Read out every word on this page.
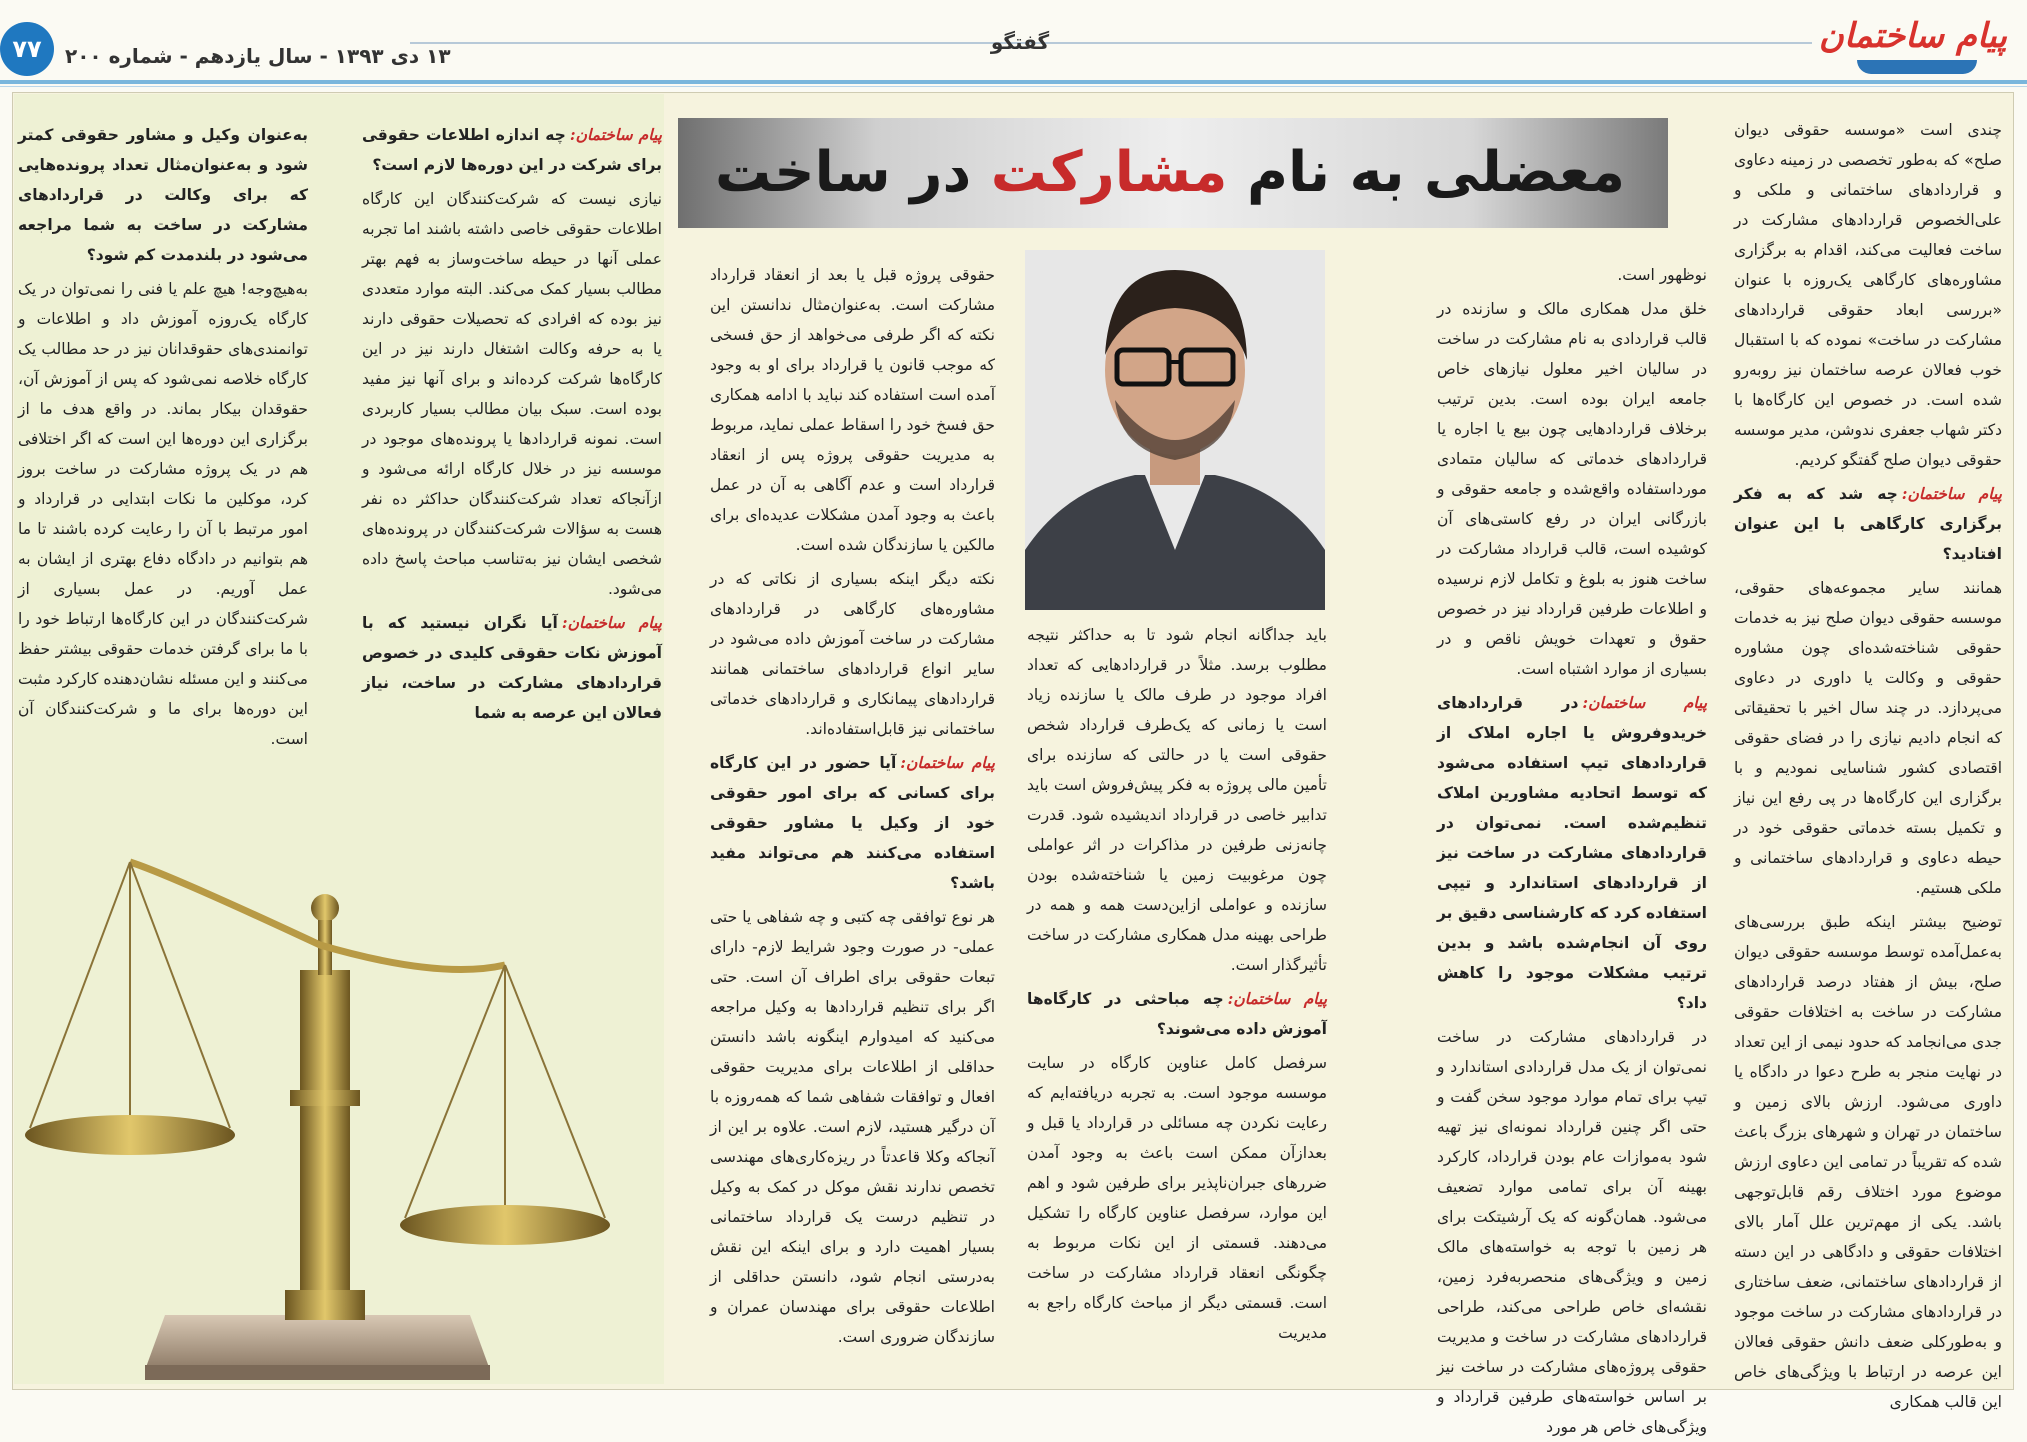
پیام ساختمان
گفتگو
۱۳ دی ۱۳۹۳ - سال یازدهم - شماره ۲۰۰
۷۷
معضلی به نام مشارکت در ساخت

چندی است «موسسه حقوقی دیوان صلح» که به‌طور تخصصی در زمینه دعاوی و قراردادهای ساختمانی و ملکی و علی‌الخصوص قراردادهای مشارکت در ساخت فعالیت می‌کند، اقدام به برگزاری مشاوره‌های کارگاهی یک‌روزه با عنوان «بررسی ابعاد حقوقی قراردادهای مشارکت در ساخت» نموده که با استقبال خوب فعالان عرصه ساختمان نیز روبه‌رو شده است. در خصوص این کارگاه‌ها با دکتر شهاب جعفری ندوشن، مدیر موسسه حقوقی دیوان صلح گفتگو کردیم.

پیام ساختمان:چه شد که به فکر برگزاری کارگاهی با این عنوان افتادید؟

همانند سایر مجموعه‌های حقوقی، موسسه حقوقی دیوان صلح نیز به خدمات حقوقی شناخته‌شده‌ای چون مشاوره حقوقی و وکالت یا داوری در دعاوی می‌پردازد. در چند سال اخیر با تحقیقاتی که انجام دادیم نیازی را در فضای حقوقی‌ اقتصادی کشور شناسایی نمودیم و با برگزاری این کارگاه‌ها در پی رفع این نیاز و تکمیل بسته خدماتی حقوقی خود در حیطه دعاوی و قراردادهای ساختمانی و ملکی هستیم.

توضیح بیشتر اینکه طبق بررسی‌های به‌عمل‌آمده توسط موسسه حقوقی دیوان صلح، بیش از هفتاد درصد قراردادهای مشارکت در ساخت به اختلافات حقوقی جدی می‌انجامد که حدود نیمی از این تعداد در نهایت منجر به طرح دعوا در دادگاه یا داوری می‌شود. ارزش بالای زمین و ساختمان در تهران و شهرهای بزرگ باعث شده که تقریباً در تمامی این دعاوی ارزش موضوع مورد اختلاف رقم قابل‌توجهی باشد. یکی از مهم‌ترین علل آمار بالای اختلافات حقوقی و دادگاهی در این دسته از قراردادهای ساختمانی، ضعف ساختاری در قراردادهای مشارکت در ساخت موجود و به‌طورکلی ضعف دانش حقوقی فعالان این عرصه در ارتباط با ویژگی‌های خاص این قالب همکاری

نوظهور است.

خلق مدل همکاری مالک و سازنده در قالب قراردادی به نام مشارکت در ساخت در سالیان اخیر معلول نیازهای خاص جامعه ایران بوده است. بدین ترتیب برخلاف قراردادهایی چون بیع یا اجاره یا قراردادهای خدماتی که سالیان متمادی مورداستفاده واقع‌شده و جامعه حقوقی و بازرگانی ایران در رفع کاستی‌های آن کوشیده است، قالب قرارداد مشارکت در ساخت هنوز به بلوغ و تکامل لازم نرسیده و اطلاعات طرفین قرارداد نیز در خصوص حقوق و تعهدات خویش ناقص و در بسیاری از موارد اشتباه است.

پیام ساختمان:در قراردادهای خریدوفروش یا اجاره املاک از قراردادهای تیپ استفاده می‌شود که توسط اتحادیه مشاورین املاک تنظیم‌شده است. نمی‌توان در قراردادهای مشارکت در ساخت نیز از قراردادهای استاندارد و تیپی استفاده کرد که کارشناسی دقیق بر روی آن انجام‌شده باشد و بدین ترتیب مشکلات موجود را کاهش داد؟

در قراردادهای مشارکت در ساخت نمی‌توان از یک مدل قراردادی استاندارد و تیپ برای تمام موارد موجود سخن گفت و حتی اگر چنین قرارداد نمونه‌ای نیز تهیه شود به‌موازات عام بودن قرارداد، کارکرد بهینه آن برای تمامی موارد تضعیف می‌شود. همان‌گونه که یک آرشیتکت برای هر زمین با توجه به خواسته‌های مالک زمین و ویژگی‌های منحصربه‌فرد زمین، نقشه‌ای خاص طراحی می‌کند، طراحی قراردادهای مشارکت در ساخت و مدیریت حقوقی پروژه‌های مشارکت در ساخت نیز بر اساس خواسته‌های طرفین قرارداد و ویژگی‌های خاص هر مورد

باید جداگانه انجام شود تا به حداکثر نتیجه مطلوب برسد. مثلاً در قراردادهایی که تعداد افراد موجود در طرف مالک یا سازنده زیاد است یا زمانی که یک‌طرف قرارداد شخص حقوقی است یا در حالتی که سازنده برای تأمین مالی پروژه به فکر پیش‌فروش است باید تدابیر خاصی در قرارداد اندیشیده شود. قدرت چانه‌زنی طرفین در مذاکرات در اثر عواملی چون مرغوبیت زمین یا شناخته‌شده بودن سازنده و عواملی ازاین‌دست همه و همه در طراحی بهینه مدل همکاری مشارکت در ساخت تأثیرگذار است.

پیام ساختمان:چه مباحثی در کارگاه‌ها آموزش داده می‌شوند؟

سرفصل کامل عناوین کارگاه در سایت موسسه موجود است. به تجربه دریافته‌ایم که رعایت نکردن چه مسائلی در قرارداد یا قبل و بعدازآن ممکن است باعث به وجود آمدن ضررهای جبران‌ناپذیر برای طرفین شود و اهم این موارد، سرفصل عناوین کارگاه را تشکیل می‌دهند. قسمتی از این نکات مربوط به چگونگی انعقاد قرارداد مشارکت در ساخت است. قسمتی دیگر از مباحث کارگاه راجع به مدیریت

حقوقی پروژه قبل یا بعد از انعقاد قرارداد مشارکت است. به‌عنوان‌مثال ندانستن این نکته که اگر طرفی می‌خواهد از حق فسخی که موجب قانون یا قرارداد برای او به وجود آمده است استفاده کند نباید با ادامه همکاری حق فسخ خود را اسقاط عملی نماید، مربوط به مدیریت حقوقی پروژه پس از انعقاد قرارداد است و عدم آگاهی به آن در عمل باعث به وجود آمدن مشکلات عدیده‌ای برای مالکین یا سازندگان شده است.

نکته دیگر اینکه بسیاری از نکاتی که در مشاوره‌های کارگاهی در قراردادهای مشارکت در ساخت آموزش داده می‌شود در سایر انواع قراردادهای ساختمانی همانند قراردادهای پیمانکاری و قراردادهای خدماتی ساختمانی نیز قابل‌استفاده‌اند.

پیام ساختمان:آیا حضور در این کارگاه برای کسانی که برای امور حقوقی خود از وکیل یا مشاور حقوقی استفاده می‌کنند هم می‌تواند مفید باشد؟

هر نوع توافقی چه کتبی و چه شفاهی یا حتی عملی- در صورت وجود شرایط لازم- دارای تبعات حقوقی برای اطراف آن است. حتی اگر برای تنظیم قراردادها به وکیل مراجعه می‌کنید که امیدوارم اینگونه باشد دانستن حداقلی از اطلاعات برای مدیریت حقوقی افعال و توافقات شفاهی شما که همه‌روزه با آن درگیر هستید، لازم است. علاوه بر این از آنجاکه وکلا قاعدتاً در ریزه‌کاری‌های مهندسی تخصص ندارند نقش موکل در کمک به وکیل در تنظیم درست یک قرارداد ساختمانی بسیار اهمیت دارد و برای اینکه این نقش به‌درستی انجام شود، دانستن حداقلی از اطلاعات حقوقی برای مهندسان عمران و سازندگان ضروری است.

پیام ساختمان:چه اندازه اطلاعات حقوقی برای شرکت در این دوره‌ها لازم است؟

نیازی نیست که شرکت‌کنندگان این کارگاه اطلاعات حقوقی خاصی داشته باشند اما تجربه عملی آنها در حیطه ساخت‌وساز به فهم بهتر مطالب بسیار کمک می‌کند. البته موارد متعددی نیز بوده که افرادی که تحصیلات حقوقی دارند یا به حرفه وکالت اشتغال دارند نیز در این کارگاه‌ها شرکت کرده‌اند و برای آنها نیز مفید بوده است. سبک بیان مطالب بسیار کاربردی است. نمونه قراردادها یا پرونده‌های موجود در موسسه نیز در خلال کارگاه ارائه می‌شود و ازآنجاکه تعداد شرکت‌کنندگان حداکثر ده نفر هست به سؤالات شرکت‌کنندگان در پرونده‌های شخصی ایشان نیز به‌تناسب مباحث پاسخ داده می‌شود.

پیام ساختمان:آیا نگران نیستید که با آموزش نکات حقوقی کلیدی در خصوص قراردادهای مشارکت در ساخت، نیاز فعالان این عرصه به شما

به‌عنوان وکیل و مشاور حقوقی کمتر شود و به‌عنوان‌مثال تعداد پرونده‌هایی که برای وکالت در قراردادهای مشارکت در ساخت به شما مراجعه می‌شود در بلندمدت کم شود؟

به‌هیچ‌وجه! هیچ علم یا فنی را نمی‌توان در یک کارگاه یک‌روزه آموزش داد و اطلاعات و توانمندی‌های حقوقدانان نیز در حد مطالب یک کارگاه خلاصه نمی‌شود که پس از آموزش آن، حقوقدان بیکار بماند. در واقع هدف ما از برگزاری این دوره‌ها این است که اگر اختلافی هم در یک پروژه مشارکت در ساخت بروز کرد، موکلین ما نکات ابتدایی در قرارداد و امور مرتبط با آن را رعایت کرده باشند تا ما هم بتوانیم در دادگاه دفاع بهتری از ایشان به عمل آوریم. در عمل بسیاری از شرکت‌کنندگان در این کارگاه‌ها ارتباط خود را با ما برای گرفتن خدمات حقوقی بیشتر حفظ می‌کنند و این مسئله نشان‌دهنده کارکرد مثبت این دوره‌ها برای ما و شرکت‌کنندگان آن است.
